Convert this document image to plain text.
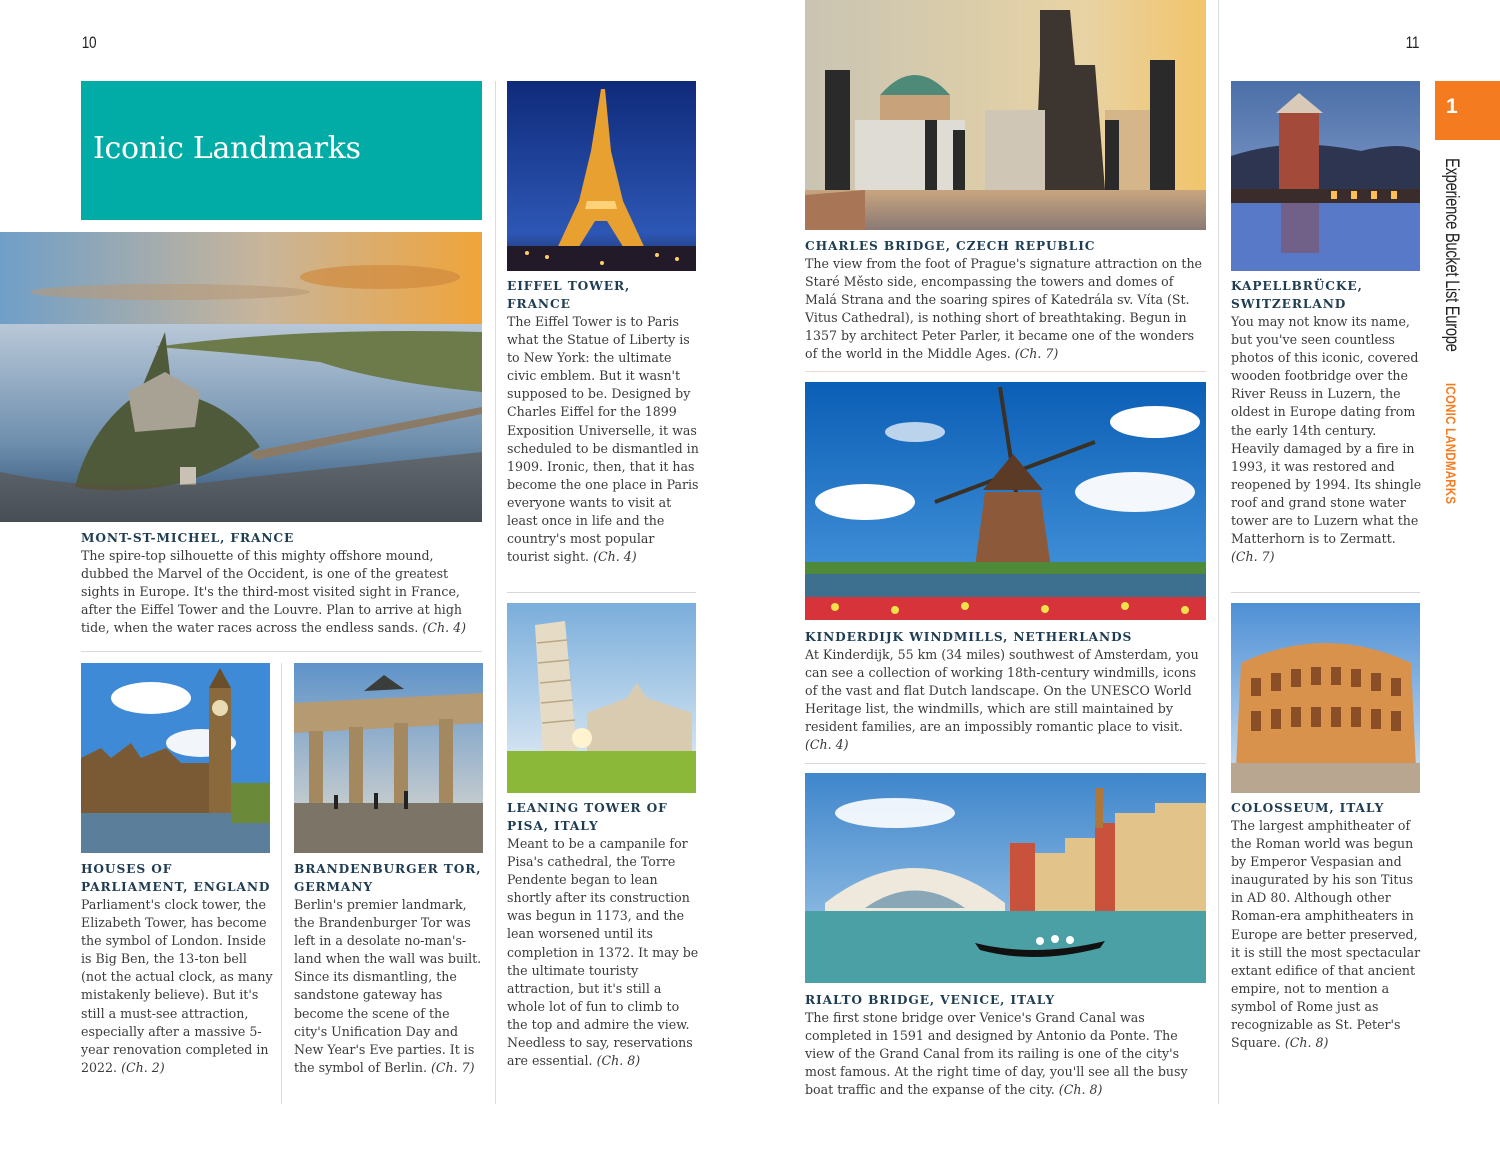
10	11
Iconic Landmarks
MONT-ST-MICHEL, FRANCE
The spire-top silhouette of this mighty offshore mound, dubbed the Marvel of the Occident, is one of the greatest sights in Europe. It's the third-most visited sight in France, after the Eiffel Tower and the Louvre. Plan to arrive at high tide, when the water races across the endless sands. (Ch. 4)
EIFFEL TOWER, FRANCE
The Eiffel Tower is to Paris what the Statue of Liberty is to New York: the ultimate civic emblem. But it wasn't supposed to be. Designed by Charles Eiffel for the 1899 Exposition Universelle, it was scheduled to be dismantled in 1909. Ironic, then, that it has become the one place in Paris everyone wants to visit at least once in life and the country's most popular tourist sight. (Ch. 4)
HOUSES OF PARLIAMENT, ENGLAND
Parliament's clock tower, the Elizabeth Tower, has become the symbol of London. Inside is Big Ben, the 13-ton bell (not the actual clock, as many mistakenly believe). But it's still a must-see attraction, especially after a massive 5-year renovation completed in 2022. (Ch. 2)
BRANDENBURGER TOR, GERMANY
Berlin's premier landmark, the Brandenburger Tor was left in a desolate no-man's-land when the wall was built. Since its dismantling, the sandstone gateway has become the scene of the city's Unification Day and New Year's Eve parties. It is the symbol of Berlin. (Ch. 7)
LEANING TOWER OF PISA, ITALY
Meant to be a campanile for Pisa's cathedral, the Torre Pendente began to lean shortly after its construction was begun in 1173, and the lean worsened until its completion in 1372. It may be the ultimate touristy attraction, but it's still a whole lot of fun to climb to the top and admire the view. Needless to say, reservations are essential. (Ch. 8)
CHARLES BRIDGE, CZECH REPUBLIC
The view from the foot of Prague's signature attraction on the Staré Město side, encompassing the towers and domes of Malá Strana and the soaring spires of Katedrála sv. Víta (St. Vitus Cathedral), is nothing short of breathtaking. Begun in 1357 by architect Peter Parler, it became one of the wonders of the world in the Middle Ages. (Ch. 7)
KINDERDIJK WINDMILLS, NETHERLANDS
At Kinderdijk, 55 km (34 miles) southwest of Amsterdam, you can see a collection of working 18th-century windmills, icons of the vast and flat Dutch landscape. On the UNESCO World Heritage list, the windmills, which are still maintained by resident families, are an impossibly romantic place to visit. (Ch. 4)
RIALTO BRIDGE, VENICE, ITALY
The first stone bridge over Venice's Grand Canal was completed in 1591 and designed by Antonio da Ponte. The view of the Grand Canal from its railing is one of the city's most famous. At the right time of day, you'll see all the busy boat traffic and the expanse of the city. (Ch. 8)
KAPELLBRÜCKE, SWITZERLAND
You may not know its name, but you've seen countless photos of this iconic, covered wooden footbridge over the River Reuss in Luzern, the oldest in Europe dating from the early 14th century. Heavily damaged by a fire in 1993, it was restored and reopened by 1994. Its shingle roof and grand stone water tower are to Luzern what the Matterhorn is to Zermatt. (Ch. 7)
COLOSSEUM, ITALY
The largest amphitheater of the Roman world was begun by Emperor Vespasian and inaugurated by his son Titus in AD 80. Although other Roman-era amphitheaters in Europe are better preserved, it is still the most spectacular extant edifice of that ancient empire, not to mention a symbol of Rome just as recognizable as St. Peter's Square. (Ch. 8)
1
Experience Bucket List Europe
ICONIC LANDMARKS
